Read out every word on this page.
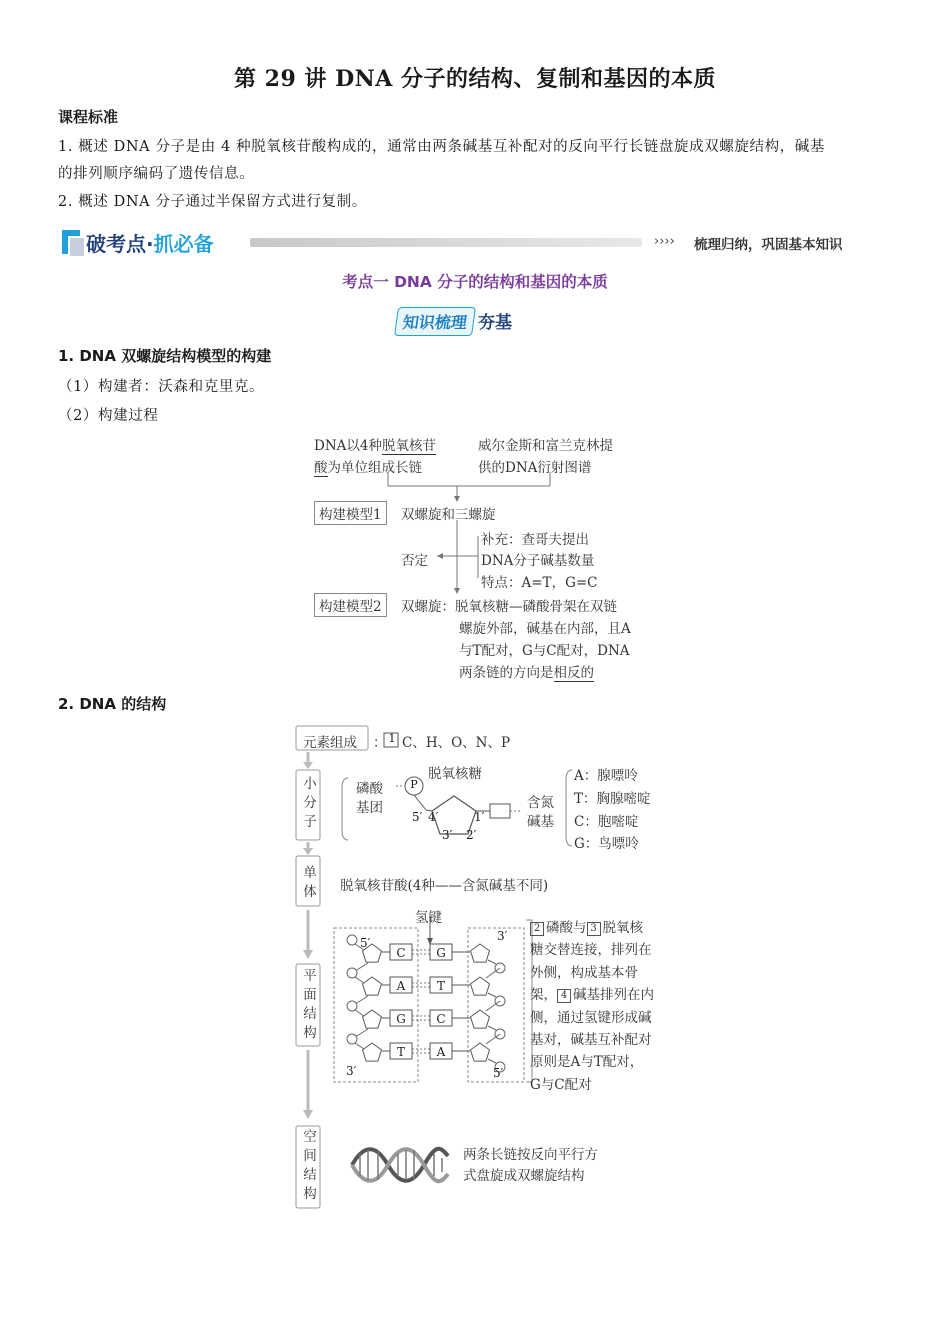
第 29 讲 DNA 分子的结构、复制和基因的本质
课程标准
1. 概述 DNA 分子是由 4 种脱氧核苷酸构成的，通常由两条碱基互补配对的反向平行长链盘旋成双螺旋结构，碱基
的排列顺序编码了遗传信息。
2. 概述 DNA 分子通过半保留方式进行复制。
破考点·抓必备	›››› 梳理归纳，巩固基本知识
考点一 DNA 分子的结构和基因的本质
知识梳理 夯基
1. DNA 双螺旋结构模型的构建
（1）构建者：沃森和克里克。
（2）构建过程
DNA以4种脱氧核苷
酸为单位组成长链
威尔金斯和富兰克林提
供的DNA衍射图谱
构建模型1	双螺旋和三螺旋
补充：查哥夫提出
DNA分子碱基数量
特点：A=T，G=C
否定
构建模型2	双螺旋：脱氧核糖—磷酸骨架在双链
螺旋外部，碱基在内部，且A
与T配对，G与C配对，DNA
两条链的方向是相反的
2. DNA 的结构
C	G
A	T
G	C
T	A
元素组成 ： 1 C、H、O、N、P
小分子
磷酸
基团
P
脱氧核糖
5′ 4′	1′
3′ 2′
含氮
碱基
A：腺嘌呤
T：胸腺嘧啶
C：胞嘧啶
G：鸟嘌呤
单体 脱氧核苷酸(4种——含氮碱基不同)
平面结构
氢键
5′
3′
3′
5′
2 磷酸与 3 脱氧核糖交替连接，排列在外侧，构成基本骨架， 4 碱基排列在内侧，通过氢键形成碱基对，碱基互补配对原则是A与T配对，G与C配对
空间结构
两条长链按反向平行方
式盘旋成双螺旋结构
